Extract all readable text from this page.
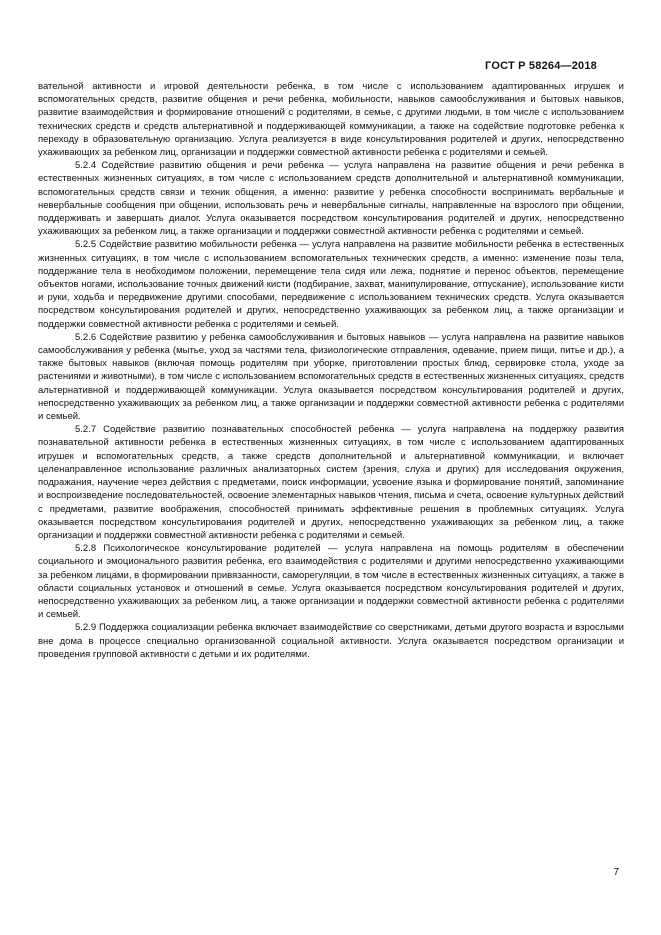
ГОСТ Р 58264—2018

вательной активности и игровой деятельности ребенка, в том числе с использованием адаптированных игрушек и вспомогательных средств, развитие общения и речи ребенка, мобильности, навыков самообслуживания и бытовых навыков, развитие взаимодействия и формирование отношений с родителями, в семье, с другими людьми, в том числе с использованием технических средств и средств альтернативной и поддерживающей коммуникации, а также на содействие подготовке ребенка к переходу в образовательную организацию. Услуга реализуется в виде консультирования родителей и других, непосредственно ухаживающих за ребенком лиц, организации и поддержки совместной активности ребенка с родителями и семьей.

5.2.4 Содействие развитию общения и речи ребенка — услуга направлена на развитие общения и речи ребенка в естественных жизненных ситуациях, в том числе с использованием средств дополнительной и альтернативной коммуникации, вспомогательных средств связи и техник общения, а именно: развитие у ребенка способности воспринимать вербальные и невербальные сообщения при общении, использовать речь и невербальные сигналы, направленные на взрослого при общении, поддерживать и завершать диалог. Услуга оказывается посредством консультирования родителей и других, непосредственно ухаживающих за ребенком лиц, а также организации и поддержки совместной активности ребенка с родителями и семьей.

5.2.5 Содействие развитию мобильности ребенка — услуга направлена на развитие мобильности ребенка в естественных жизненных ситуациях, в том числе с использованием вспомогательных технических средств, а именно: изменение позы тела, поддержание тела в необходимом положении, перемещение тела сидя или лежа, поднятие и перенос объектов, перемещение объектов ногами, использование точных движений кисти (подбирание, захват, манипулирование, отпускание), использование кисти и руки, ходьба и передвижение другими способами, передвижение с использованием технических средств. Услуга оказывается посредством консультирования родителей и других, непосредственно ухаживающих за ребенком лиц, а также организации и поддержки совместной активности ребенка с родителями и семьей.

5.2.6 Содействие развитию у ребенка самообслуживания и бытовых навыков — услуга направлена на развитие навыков самообслуживания у ребенка (мытье, уход за частями тела, физиологические отправления, одевание, прием пищи, питье и др.), а также бытовых навыков (включая помощь родителям при уборке, приготовлении простых блюд, сервировке стола, уходе за растениями и животными), в том числе с использованием вспомогательных средств в естественных жизненных ситуациях, средств альтернативной и поддерживающей коммуникации. Услуга оказывается посредством консультирования родителей и других, непосредственно ухаживающих за ребенком лиц, а также организации и поддержки совместной активности ребенка с родителями и семьей.

5.2.7 Содействие развитию познавательных способностей ребенка — услуга направлена на поддержку развития познавательной активности ребенка в естественных жизненных ситуациях, в том числе с использованием адаптированных игрушек и вспомогательных средств, а также средств дополнительной и альтернативной коммуникации, и включает целенаправленное использование различных анализаторных систем (зрения, слуха и других) для исследования окружения, подражания, научение через действия с предметами, поиск информации, усвоение языка и формирование понятий, запоминание и воспроизведение последовательностей, освоение элементарных навыков чтения, письма и счета, освоение культурных действий с предметами, развитие воображения, способностей принимать эффективные решения в проблемных ситуациях. Услуга оказывается посредством консультирования родителей и других, непосредственно ухаживающих за ребенком лиц, а также организации и поддержки совместной активности ребенка с родителями и семьей.

5.2.8 Психологическое консультирование родителей — услуга направлена на помощь родителям в обеспечении социального и эмоционального развития ребенка, его взаимодействия с родителями и другими непосредственно ухаживающими за ребенком лицами, в формировании привязанности, саморегуляции, в том числе в естественных жизненных ситуациях, а также в области социальных установок и отношений в семье. Услуга оказывается посредством консультирования родителей и других, непосредственно ухаживающих за ребенком лиц, а также организации и поддержки совместной активности ребенка с родителями и семьей.

5.2.9 Поддержка социализации ребенка включает взаимодействие со сверстниками, детьми другого возраста и взрослыми вне дома в процессе специально организованной социальной активности. Услуга оказывается посредством организации и проведения групповой активности с детьми и их родителями.

7
